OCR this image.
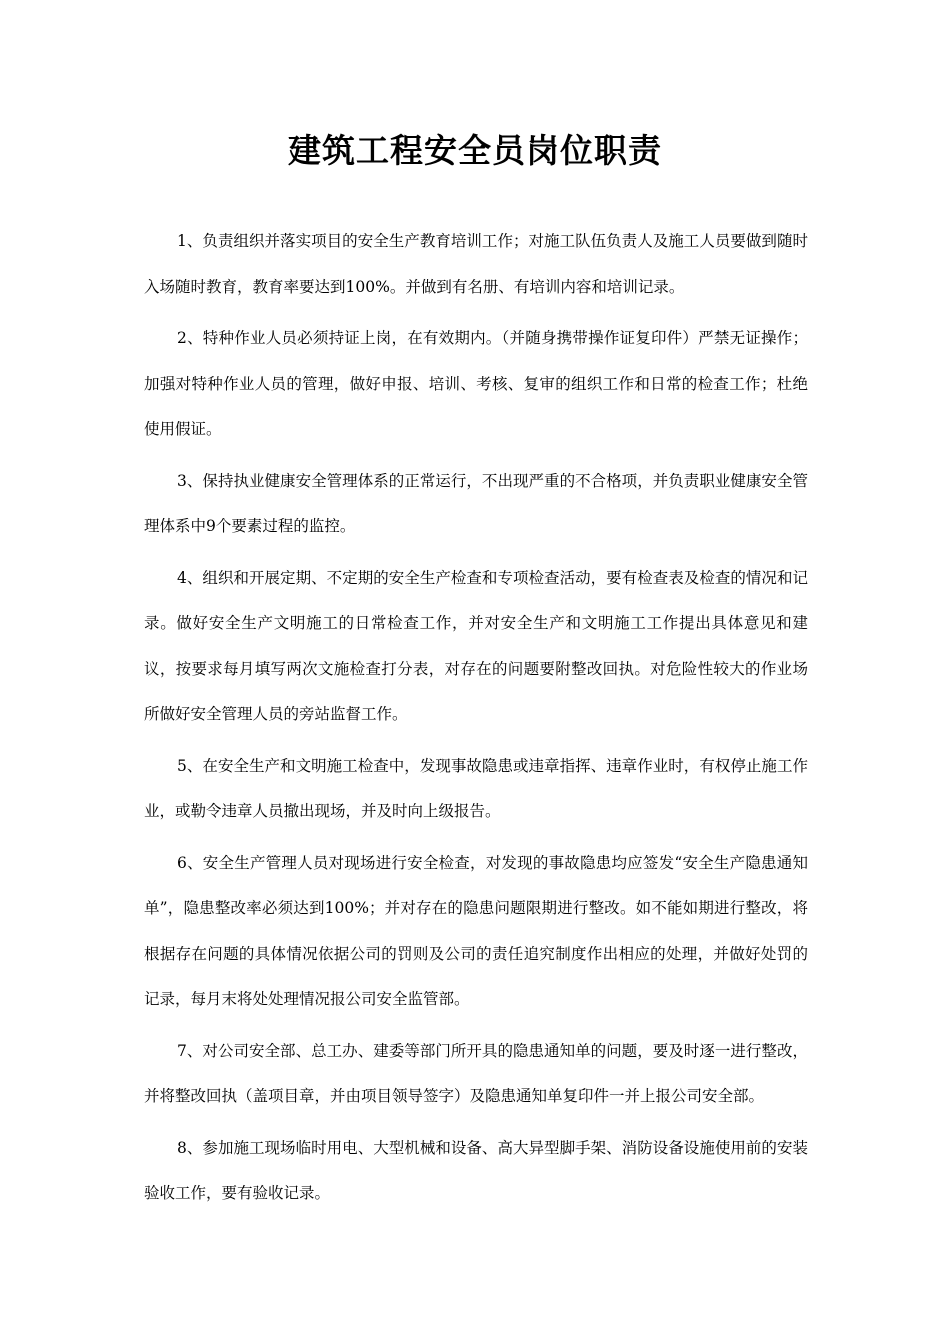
建筑工程安全员岗位职责

1、负责组织并落实项目的安全生产教育培训工作；对施工队伍负责人及施工人员要做到随时入场随时教育，教育率要达到100%。并做到有名册、有培训内容和培训记录。

2、特种作业人员必须持证上岗，在有效期内。（并随身携带操作证复印件）严禁无证操作；加强对特种作业人员的管理，做好申报、培训、考核、复审的组织工作和日常的检查工作；杜绝使用假证。

3、保持执业健康安全管理体系的正常运行，不出现严重的不合格项，并负责职业健康安全管理体系中9个要素过程的监控。

4、组织和开展定期、不定期的安全生产检查和专项检查活动，要有检查表及检查的情况和记录。做好安全生产文明施工的日常检查工作，并对安全生产和文明施工工作提出具体意见和建议，按要求每月填写两次文施检查打分表，对存在的问题要附整改回执。对危险性较大的作业场所做好安全管理人员的旁站监督工作。

5、在安全生产和文明施工检查中，发现事故隐患或违章指挥、违章作业时，有权停止施工作业，或勒令违章人员撤出现场，并及时向上级报告。

6、安全生产管理人员对现场进行安全检查，对发现的事故隐患均应签发“安全生产隐患通知单”，隐患整改率必须达到100%；并对存在的隐患问题限期进行整改。如不能如期进行整改，将根据存在问题的具体情况依据公司的罚则及公司的责任追究制度作出相应的处理，并做好处罚的记录，每月末将处处理情况报公司安全监管部。

7、对公司安全部、总工办、建委等部门所开具的隐患通知单的问题，要及时逐一进行整改，并将整改回执（盖项目章，并由项目领导签字）及隐患通知单复印件一并上报公司安全部。

8、参加施工现场临时用电、大型机械和设备、高大异型脚手架、消防设备设施使用前的安装验收工作，要有验收记录。
